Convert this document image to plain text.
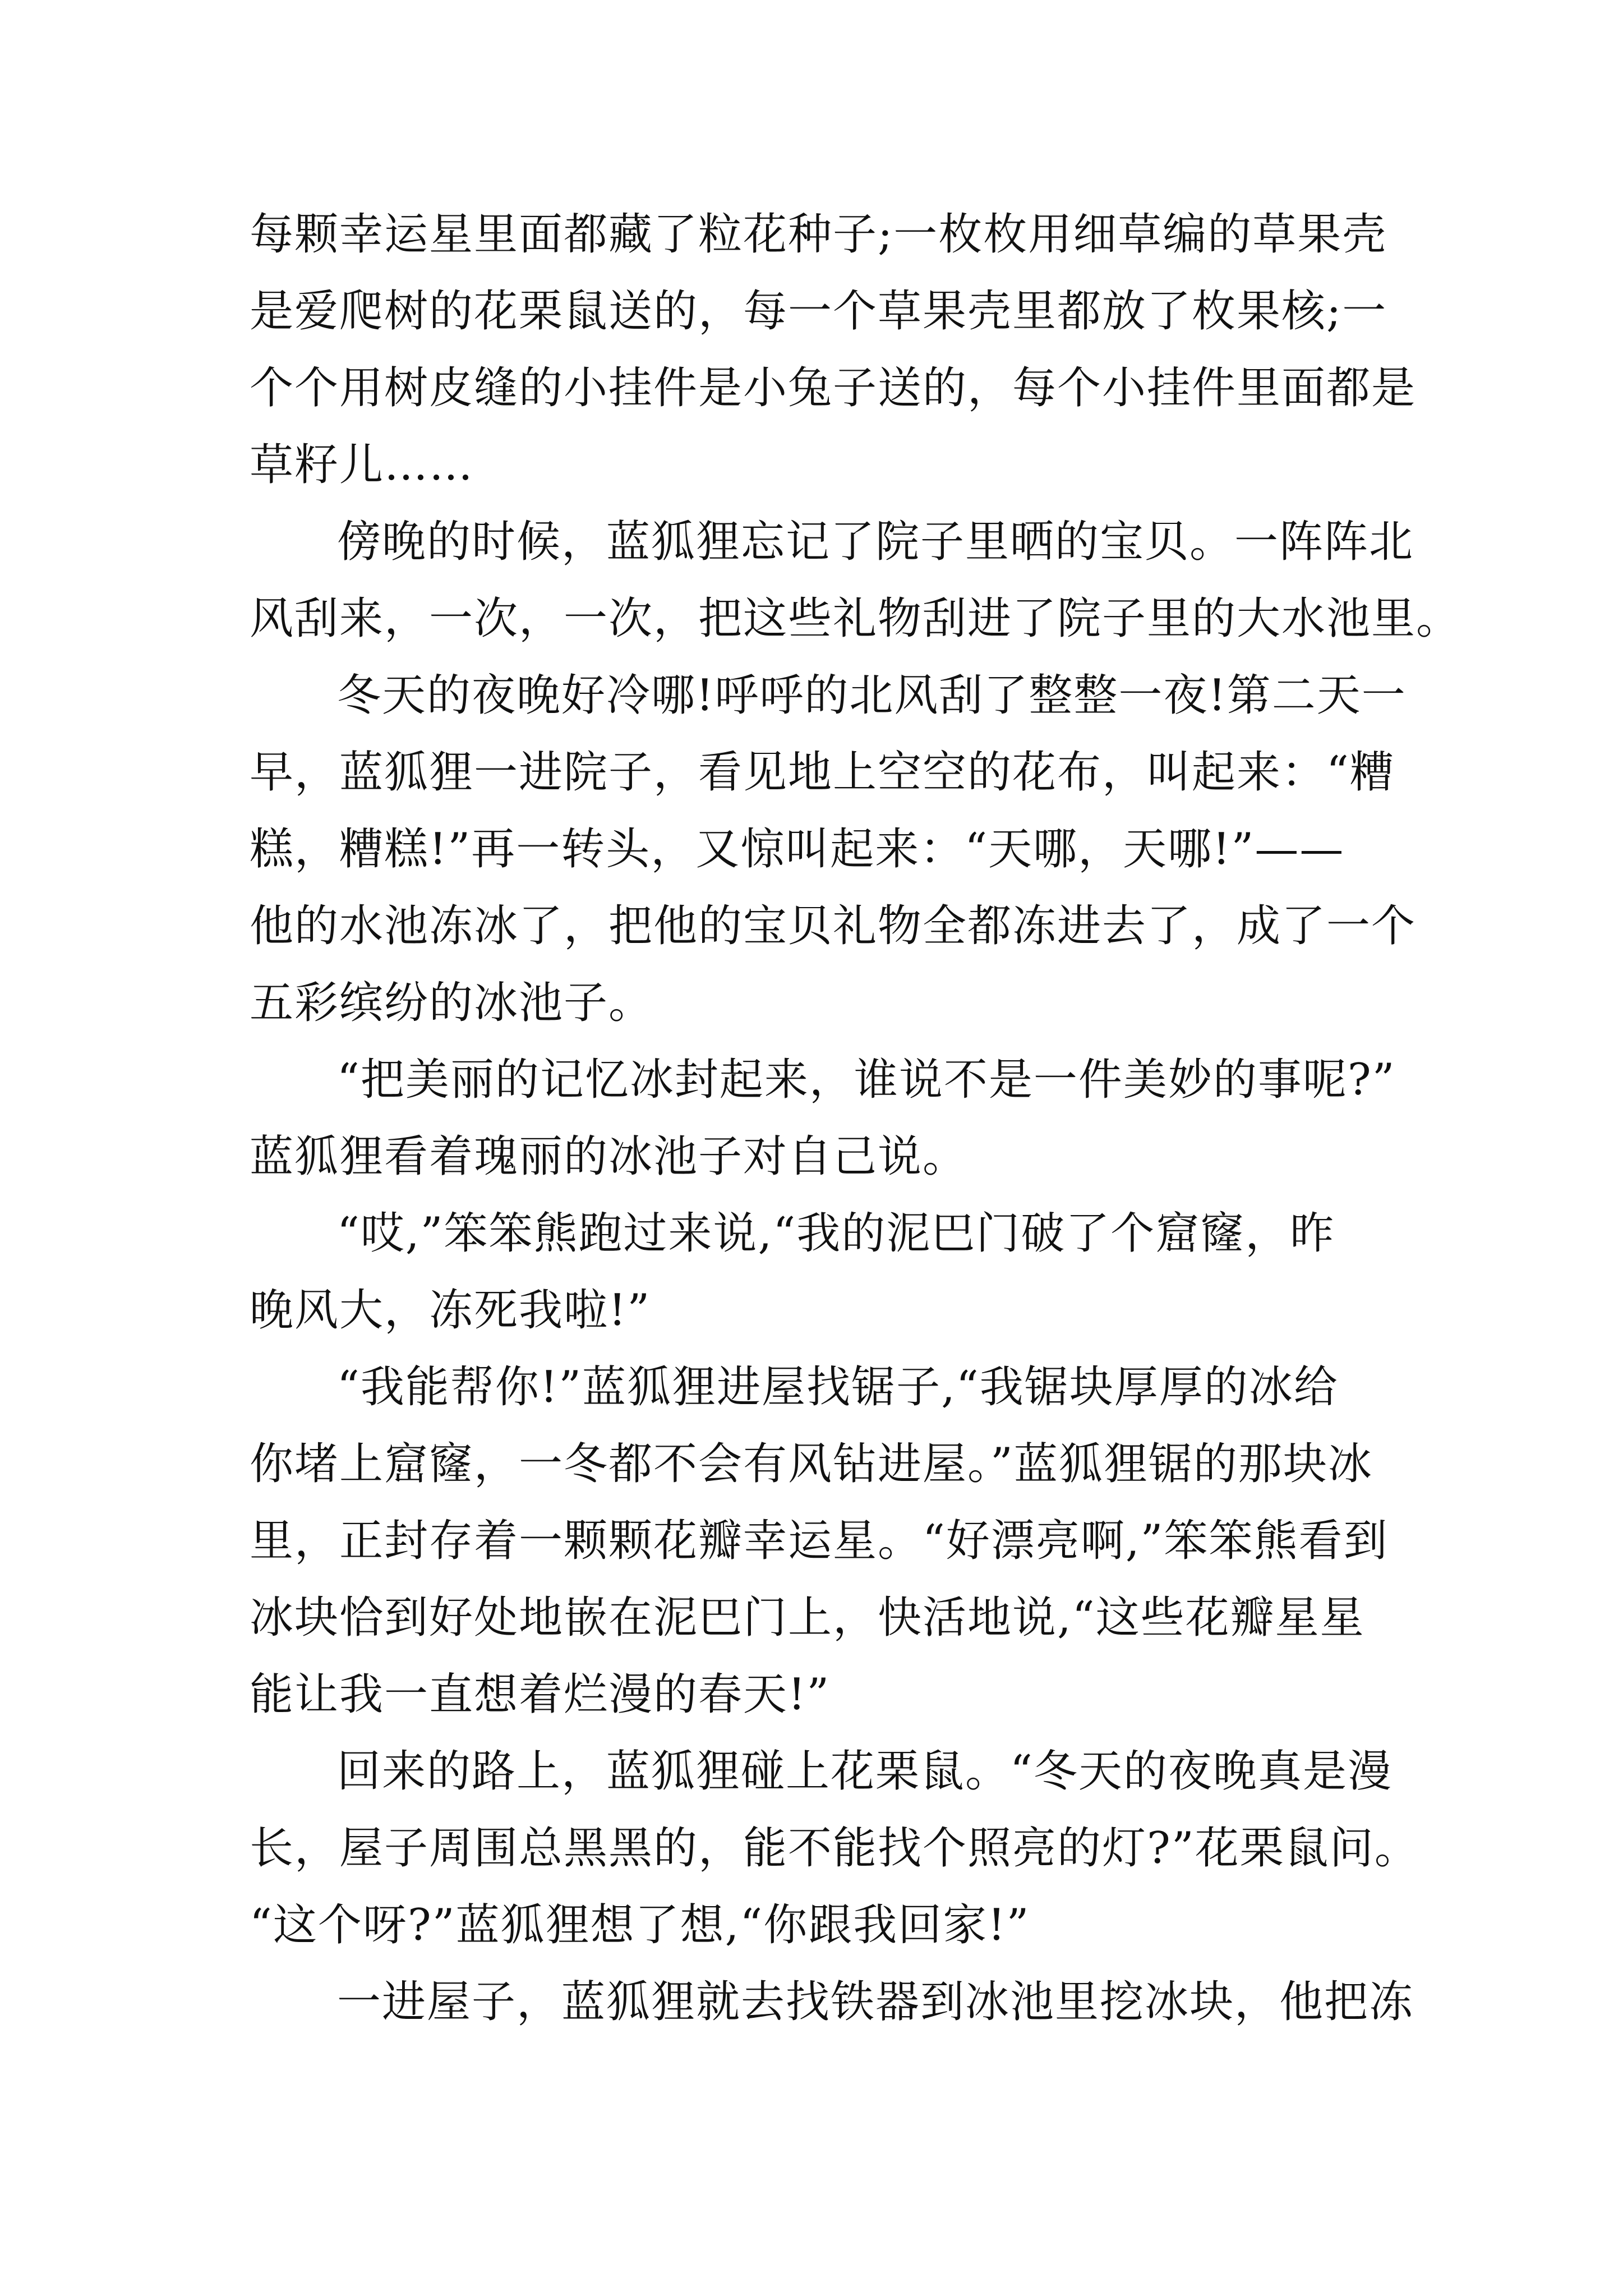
每颗幸运星里面都藏了粒花种子;一枚枚用细草编的草果壳
是爱爬树的花栗鼠送的，每一个草果壳里都放了枚果核;一
个个用树皮缝的小挂件是小兔子送的，每个小挂件里面都是
草籽儿……
傍晚的时候，蓝狐狸忘记了院子里晒的宝贝。一阵阵北
风刮来，一次，一次，把这些礼物刮进了院子里的大水池里。
冬天的夜晚好冷哪!呼呼的北风刮了整整一夜!第二天一
早，蓝狐狸一进院子，看见地上空空的花布，叫起来：“糟
糕，糟糕!”再一转头，又惊叫起来：“天哪，天哪!”——
他的水池冻冰了，把他的宝贝礼物全都冻进去了，成了一个
五彩缤纷的冰池子。
“把美丽的记忆冰封起来，谁说不是一件美妙的事呢?”
蓝狐狸看着瑰丽的冰池子对自己说。
“哎,”笨笨熊跑过来说,“我的泥巴门破了个窟窿，昨
晚风大，冻死我啦!”
“我能帮你!”蓝狐狸进屋找锯子,“我锯块厚厚的冰给
你堵上窟窿，一冬都不会有风钻进屋。”蓝狐狸锯的那块冰
里，正封存着一颗颗花瓣幸运星。“好漂亮啊,”笨笨熊看到
冰块恰到好处地嵌在泥巴门上，快活地说,“这些花瓣星星
能让我一直想着烂漫的春天!”
回来的路上，蓝狐狸碰上花栗鼠。“冬天的夜晚真是漫
长，屋子周围总黑黑的，能不能找个照亮的灯?”花栗鼠问。
“这个呀?”蓝狐狸想了想,“你跟我回家!”
一进屋子，蓝狐狸就去找铁器到冰池里挖冰块，他把冻
